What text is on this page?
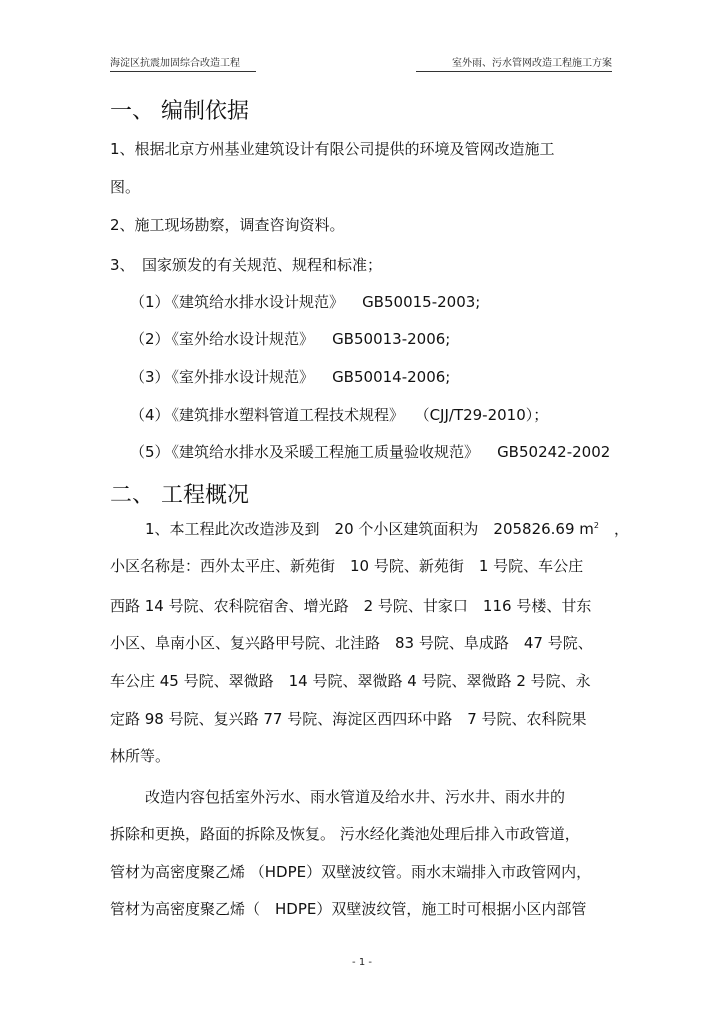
海淀区抗震加固综合改造工程	室外雨、污水管网改造工程施工方案
一、 编制依据
1、根据北京方州基业建筑设计有限公司提供的环境及管网改造施工
图。
2、施工现场勘察，调查咨询资料。
3、　国家颁发的有关规范、规程和标准；
（1） 《建筑给水排水设计规范》 GB50015-2003;
（2） 《室外给水设计规范》 GB50013-2006;
（3） 《室外排水设计规范》 GB50014-2006;
（4） 《建筑排水塑料管道工程技术规程》 （CJJ/T29-2010）；
（5） 《建筑给水排水及采暖工程施工质量验收规范》 GB50242-2002
二、 工程概况
1、本工程此次改造涉及到　20 个小区建筑面积为　205826.69 $m^2$　，
小区名称是：西外太平庄、新苑街　10 号院、新苑街　1 号院、车公庄
西路 14 号院、农科院宿舍、增光路　2 号院、甘家口　116 号楼、甘东
小区、阜南小区、复兴路甲号院、北洼路　83 号院、阜成路　47 号院、
车公庄 45 号院、翠微路　14 号院、翠微路 4 号院、翠微路 2 号院、永
定路 98 号院、复兴路 77 号院、海淀区西四环中路　7 号院、农科院果
林所等。
改造内容包括室外污水、雨水管道及给水井、污水井、雨水井的
拆除和更换，路面的拆除及恢复。 污水经化粪池处理后排入市政管道，
管材为高密度聚乙烯 （HDPE）双壁波纹管。雨水末端排入市政管网内，
管材为高密度聚乙烯（　HDPE）双壁波纹管，施工时可根据小区内部管
- 1 -
